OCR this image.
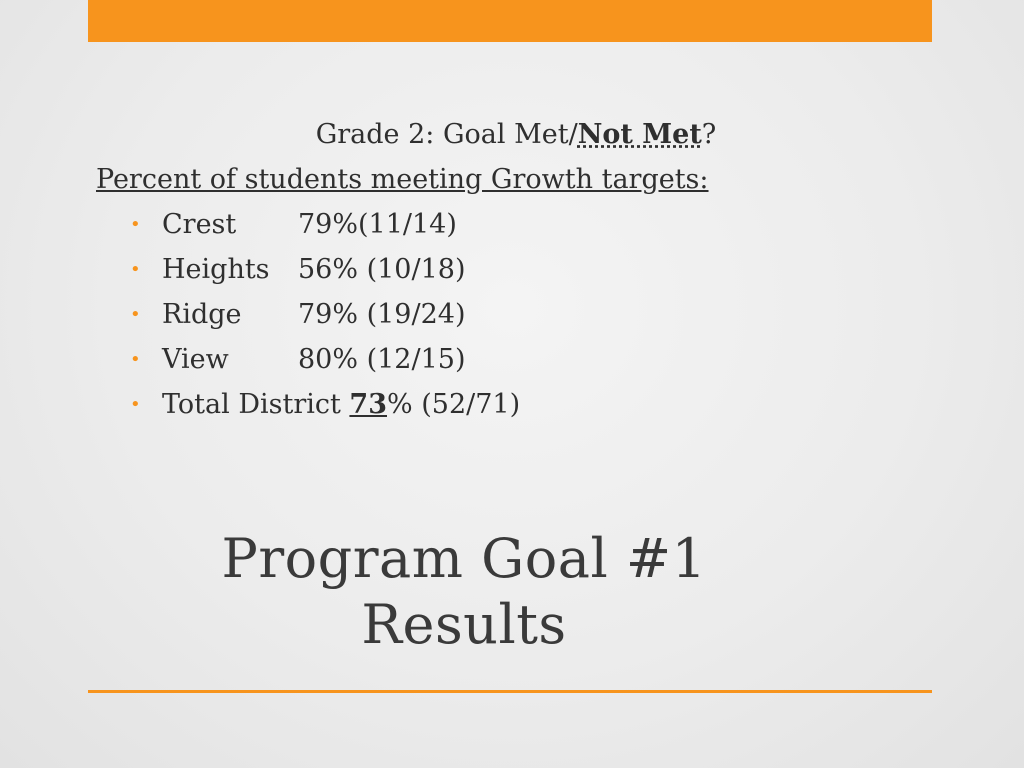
Grade 2: Goal Met/Not Met?
Percent of students meeting Growth targets:
• Crest 79%(11/14)
• Heights 56% (10/18)
• Ridge 79% (19/24)
• View	80% (12/15)
• Total District 73% (52/71)
Program Goal #1
Results
